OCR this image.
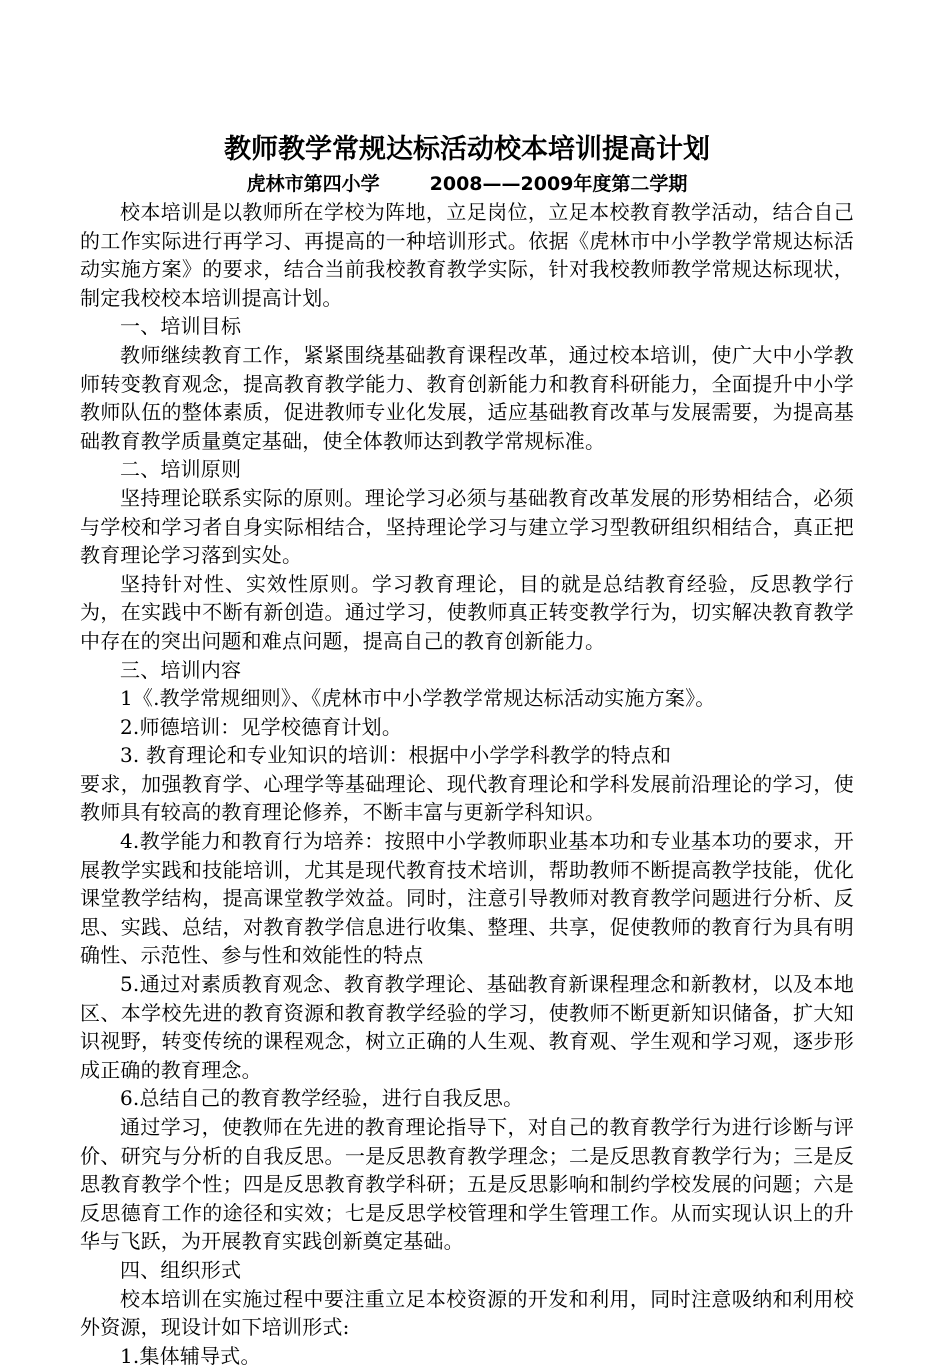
教师教学常规达标活动校本培训提高计划
虎林市第四小学	2008——2009年度第二学期

校本培训是以教师所在学校为阵地，立足岗位，立足本校教育教学活动，结合自己的工作实际进行再学习、再提高的一种培训形式。依据《虎林市中小学教学常规达标活动实施方案》的要求，结合当前我校教育教学实际，针对我校教师教学常规达标现状，制定我校校本培训提高计划。

一、培训目标

教师继续教育工作，紧紧围绕基础教育课程改革，通过校本培训，使广大中小学教师转变教育观念，提高教育教学能力、教育创新能力和教育科研能力，全面提升中小学教师队伍的整体素质，促进教师专业化发展，适应基础教育改革与发展需要，为提高基础教育教学质量奠定基础，使全体教师达到教学常规标准。

二、培训原则

坚持理论联系实际的原则。理论学习必须与基础教育改革发展的形势相结合，必须与学校和学习者自身实际相结合，坚持理论学习与建立学习型教研组织相结合，真正把教育理论学习落到实处。

坚持针对性、实效性原则。学习教育理论，目的就是总结教育经验，反思教学行为，在实践中不断有新创造。通过学习，使教师真正转变教学行为，切实解决教育教学中存在的突出问题和难点问题，提高自己的教育创新能力。

三、培训内容

1《.教学常规细则》、《虎林市中小学教学常规达标活动实施方案》。

2.师德培训：见学校德育计划。

3. 教育理论和专业知识的培训：根据中小学学科教学的特点和

要求，加强教育学、心理学等基础理论、现代教育理论和学科发展前沿理论的学习，使教师具有较高的教育理论修养，不断丰富与更新学科知识。

4.教学能力和教育行为培养：按照中小学教师职业基本功和专业基本功的要求，开展教学实践和技能培训，尤其是现代教育技术培训，帮助教师不断提高教学技能，优化课堂教学结构，提高课堂教学效益。同时，注意引导教师对教育教学问题进行分析、反思、实践、总结，对教育教学信息进行收集、整理、共享，促使教师的教育行为具有明确性、示范性、参与性和效能性的特点

5.通过对素质教育观念、教育教学理论、基础教育新课程理念和新教材，以及本地区、本学校先进的教育资源和教育教学经验的学习，使教师不断更新知识储备，扩大知识视野，转变传统的课程观念，树立正确的人生观、教育观、学生观和学习观，逐步形成正确的教育理念。

6.总结自己的教育教学经验，进行自我反思。

通过学习，使教师在先进的教育理论指导下，对自己的教育教学行为进行诊断与评价、研究与分析的自我反思。一是反思教育教学理念；二是反思教育教学行为；三是反思教育教学个性；四是反思教育教学科研；五是反思影响和制约学校发展的问题；六是反思德育工作的途径和实效；七是反思学校管理和学生管理工作。从而实现认识上的升华与飞跃，为开展教育实践创新奠定基础。

四、组织形式

校本培训在实施过程中要注重立足本校资源的开发和利用，同时注意吸纳和利用校外资源，现设计如下培训形式:

1.集体辅导式。
